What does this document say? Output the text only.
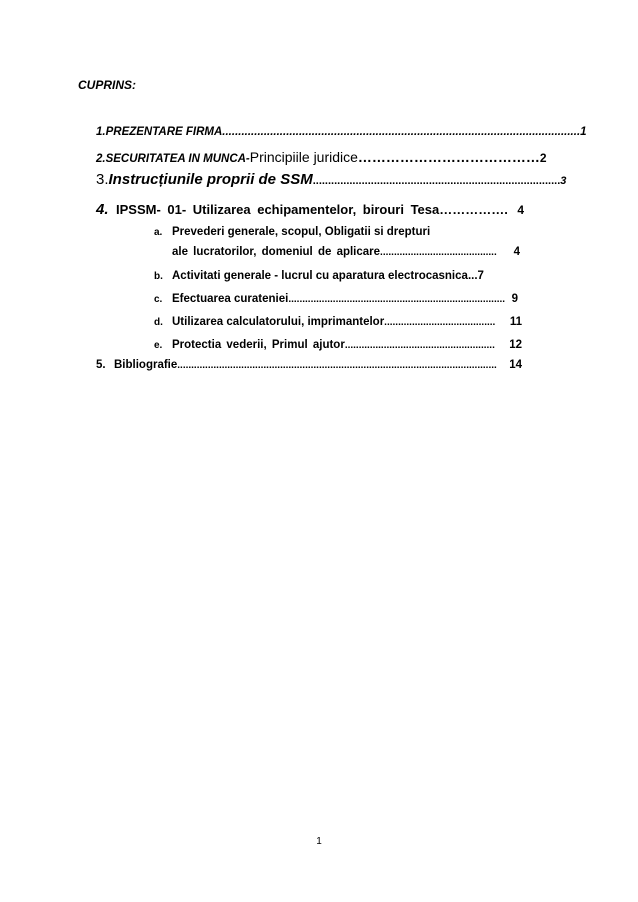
CUPRINS:
1. PREZENTARE FIRMA ................................................................................................................ 1
2. SECURITATEA IN MUNCA- Principiile juridice ………………………………… 2
3. Instrucțiunile proprii de SSM ................................................................................. 3
4. IPSSM- 01- Utilizarea echipamentelor, birouri Tesa ……………. 4
a. Prevederi generale, scopul, Obligatii si drepturi
ale lucratorilor, domeniul de aplicare ..........................................	4
b. Activitati generale - lucrul cu aparatura electrocasnica ... 7
c. Efectuarea curateniei .............................................................................. 9
d. Utilizarea calculatorului, imprimantelor ........................................	11
e. Protectia vederii, Primul ajutor ......................................................	12
5. Bibliografie ...................................................................................................................	14
1
